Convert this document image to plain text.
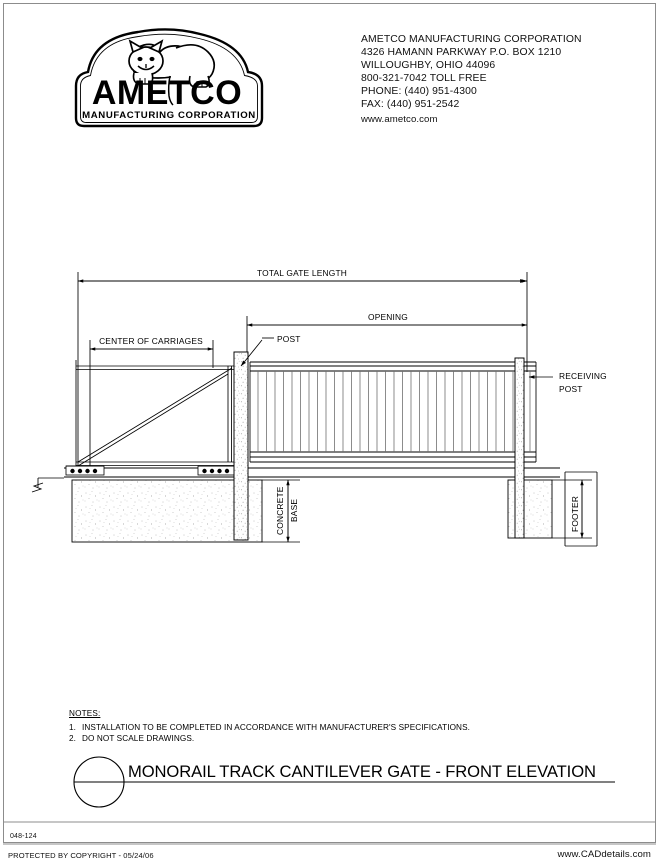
AMETCO
MANUFACTURING CORPORATION
AMETCO MANUFACTURING CORPORATION
4326 HAMANN PARKWAY P.O. BOX 1210
WILLOUGHBY, OHIO 44096
800-321-7042 TOLL FREE
PHONE: (440) 951-4300
FAX: (440) 951-2542
www.ametco.com
TOTAL GATE LENGTH
OPENING
CENTER OF CARRIAGES	POST
RECEIVING
POST
CONCRETE BASE	FOOTER
NOTES:
1. INSTALLATION TO BE COMPLETED IN ACCORDANCE WITH MANUFACTURER'S SPECIFICATIONS.
2. DO NOT SCALE DRAWINGS.
MONORAIL TRACK CANTILEVER GATE - FRONT ELEVATION
048-124
PROTECTED BY COPYRIGHT - 05/24/06	www.CADdetails.com
